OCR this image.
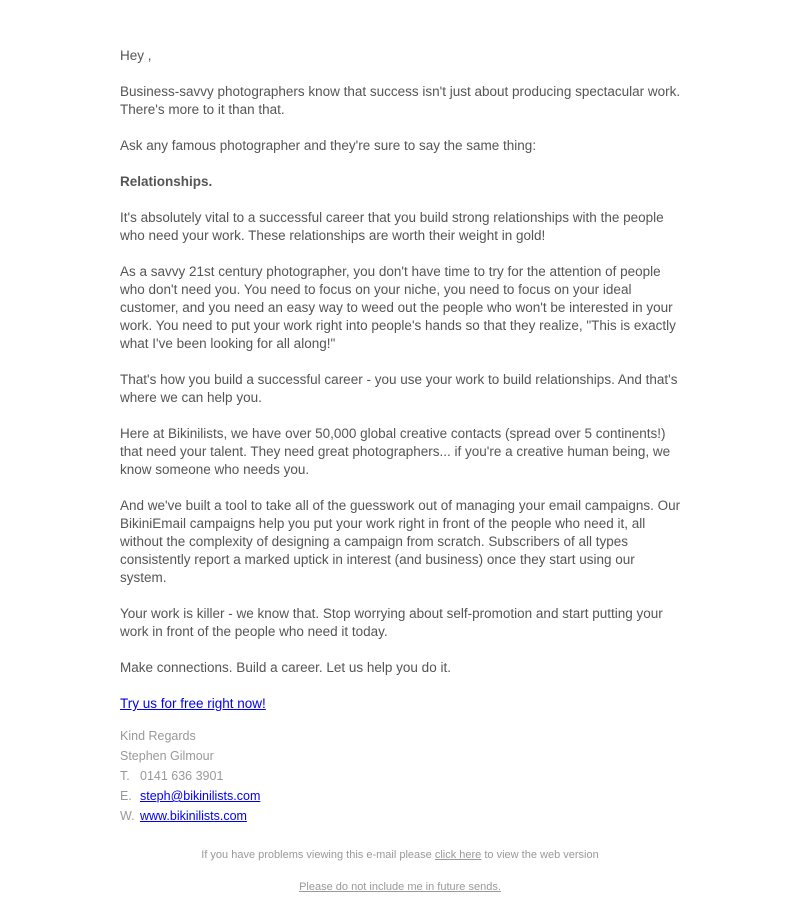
Hey ,

Business-savvy photographers know that success isn't just about producing spectacular work. There's more to it than that.

Ask any famous photographer and they're sure to say the same thing:

Relationships.

It's absolutely vital to a successful career that you build strong relationships with the people who need your work. These relationships are worth their weight in gold!

As a savvy 21st century photographer, you don't have time to try for the attention of people who don't need you. You need to focus on your niche, you need to focus on your ideal customer, and you need an easy way to weed out the people who won't be interested in your work. You need to put your work right into people's hands so that they realize, "This is exactly what I've been looking for all along!"

That's how you build a successful career - you use your work to build relationships. And that's where we can help you.

Here at Bikinilists, we have over 50,000 global creative contacts (spread over 5 continents!) that need your talent. They need great photographers... if you're a creative human being, we know someone who needs you.

And we've built a tool to take all of the guesswork out of managing your email campaigns. Our BikiniEmail campaigns help you put your work right in front of the people who need it, all without the complexity of designing a campaign from scratch. Subscribers of all types consistently report a marked uptick in interest (and business) once they start using our system.

Your work is killer - we know that. Stop worrying about self-promotion and start putting your work in front of the people who need it today.

Make connections. Build a career. Let us help you do it.

Try us for free right now!

Kind Regards
Stephen Gilmour
T. 0141 636 3901
E. steph@bikinilists.com
W. www.bikinilists.com
If you have problems viewing this e-mail please click here to view the web version
Please do not include me in future sends.
